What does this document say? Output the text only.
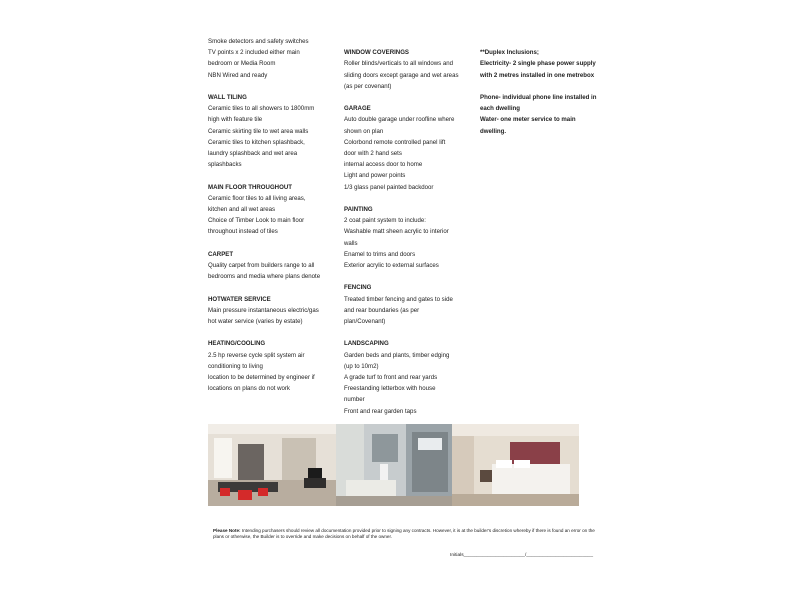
Smoke detectors and safety switches
TV points x 2 included either main
bedroom or Media Room
NBN Wired and ready
WALL TILING
Ceramic tiles to all showers to 1800mm
high with feature tile
Ceramic skirting tile to wet area walls
Ceramic tiles to kitchen splashback,
laundry splashback and wet area
splashbacks
MAIN FLOOR THROUGHOUT
Ceramic floor tiles to all living areas,
kitchen and all wet areas
Choice of Timber Look to main floor
throughout instead of tiles
CARPET
Quality carpet from builders range to all
bedrooms and media where plans denote
HOTWATER SERVICE
Main pressure instantaneous electric/gas
hot water service (varies by estate)
HEATING/COOLING
2.5 hp reverse cycle split system air
conditioning to living
location to be determined by engineer if
locations on plans do not work
WINDOW COVERINGS
Roller blinds/verticals to all windows and
sliding doors except garage and wet areas
(as per covenant)
GARAGE
Auto double garage under roofline where
shown on plan
Colorbond remote controlled panel lift
door with 2 hand sets
internal access door to home
Light and power points
1/3 glass panel painted backdoor
PAINTING
2 coat paint system to include:
Washable matt sheen acrylic to interior
walls
Enamel to trims and doors
Exterior acrylic to external surfaces
FENCING
Treated timber fencing and gates to side
and rear boundaries (as per
plan/Covenant)
LANDSCAPING
Garden beds and plants, timber edging
(up to 10m2)
A grade turf to front and rear yards
Freestanding letterbox with house
number
Front and rear garden taps
**Duplex Inclusions;
Electricity- 2 single phase power supply
with 2 metres installed in one metrebox
Phone- individual phone line installed in
each dwelling
Water- one meter service to main
dwelling.
Please Note: Intending purchasers should review all documentation provided prior to signing any contracts. However, it is at the builder's discretion whereby if there is found an error on the plans or otherwise, the Builder is to override and make decisions on behalf of the owner.
Initials_______________________/_________________________
